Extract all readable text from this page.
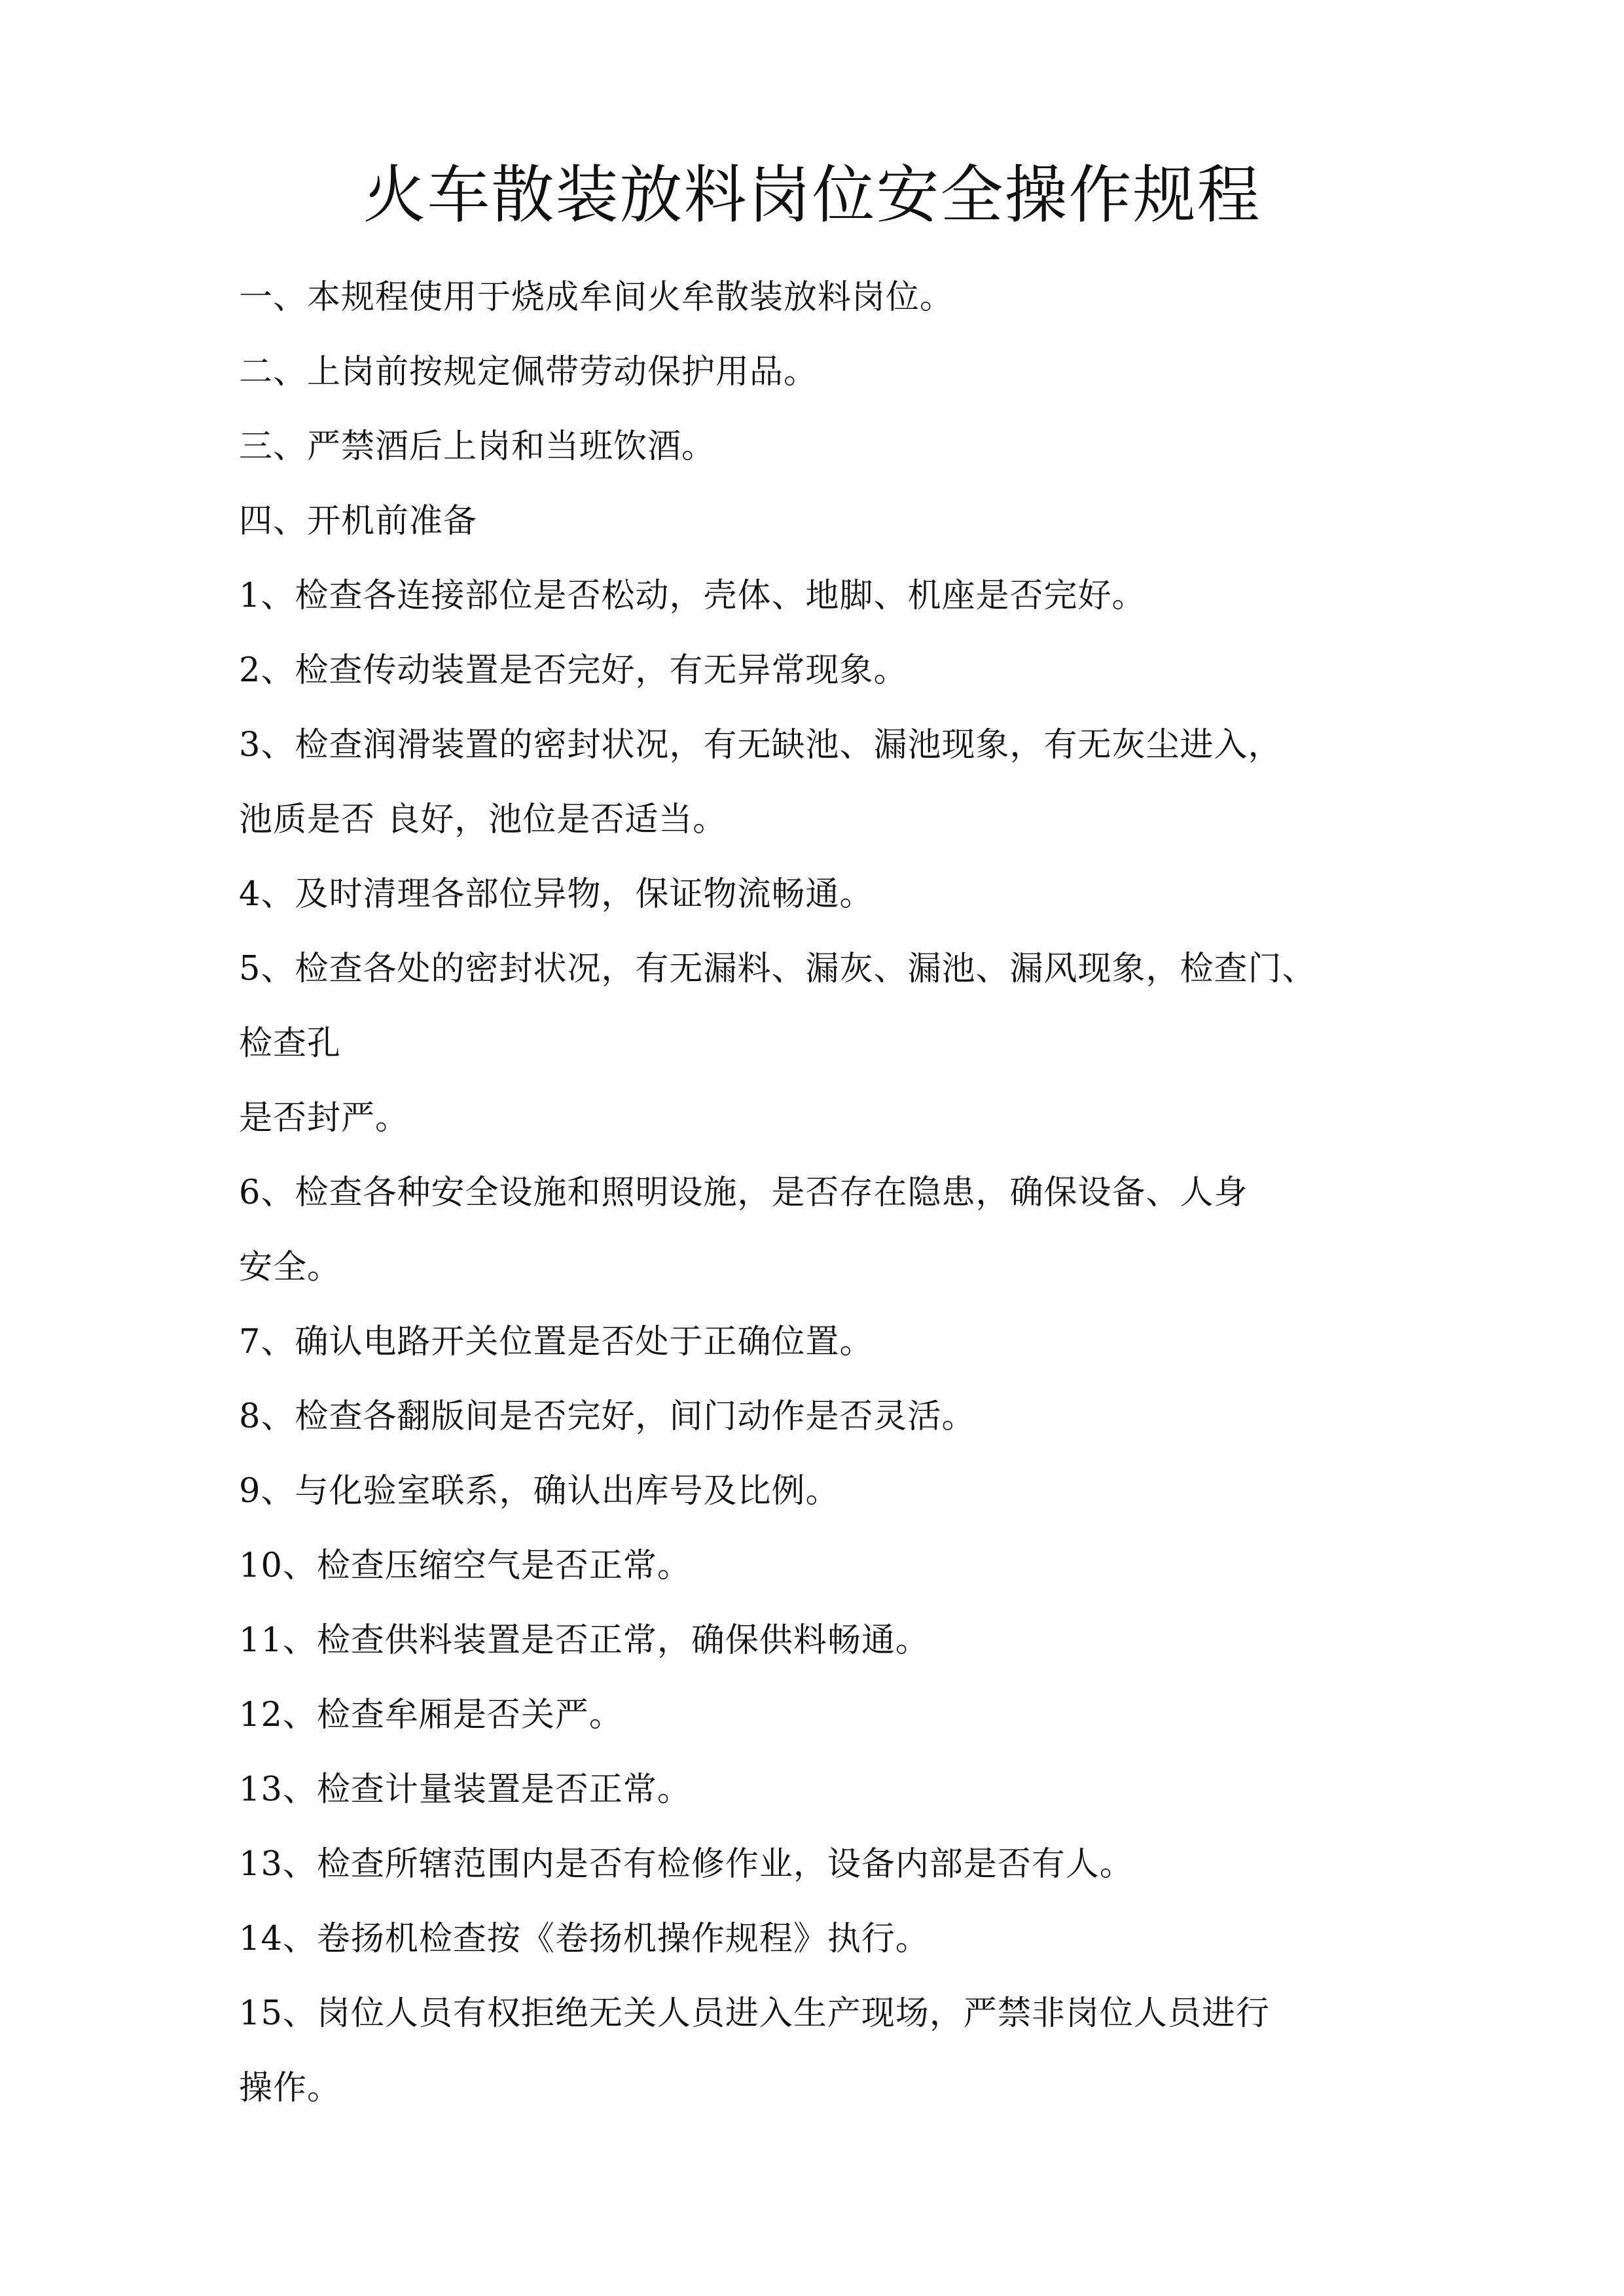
火车散装放料岗位安全操作规程
一、本规程使用于烧成牟间火牟散装放料岗位。
二、上岗前按规定佩带劳动保护用品。
三、严禁酒后上岗和当班饮酒。
四、开机前准备
1、检查各连接部位是否松动，壳体、地脚、机座是否完好。
2、检查传动装置是否完好，有无异常现象。
3、检查润滑装置的密封状况，有无缺池、漏池现象，有无灰尘进入，
池质是否 良好，池位是否适当。
4、及时清理各部位异物，保证物流畅通。
5、检查各处的密封状况，有无漏料、漏灰、漏池、漏风现象，检查门、
检查孔
是否封严。
6、检查各种安全设施和照明设施，是否存在隐患，确保设备、人身
安全。
7、确认电路开关位置是否处于正确位置。
8、检查各翻版间是否完好，间门动作是否灵活。
9、与化验室联系，确认出库号及比例。
10、检查压缩空气是否正常。
11、检查供料装置是否正常，确保供料畅通。
12、检查牟厢是否关严。
13、检查计量装置是否正常。
13、检查所辖范围内是否有检修作业，设备内部是否有人。
14、卷扬机检查按《卷扬机操作规程》执行。
15、岗位人员有权拒绝无关人员进入生产现场，严禁非岗位人员进行
操作。
